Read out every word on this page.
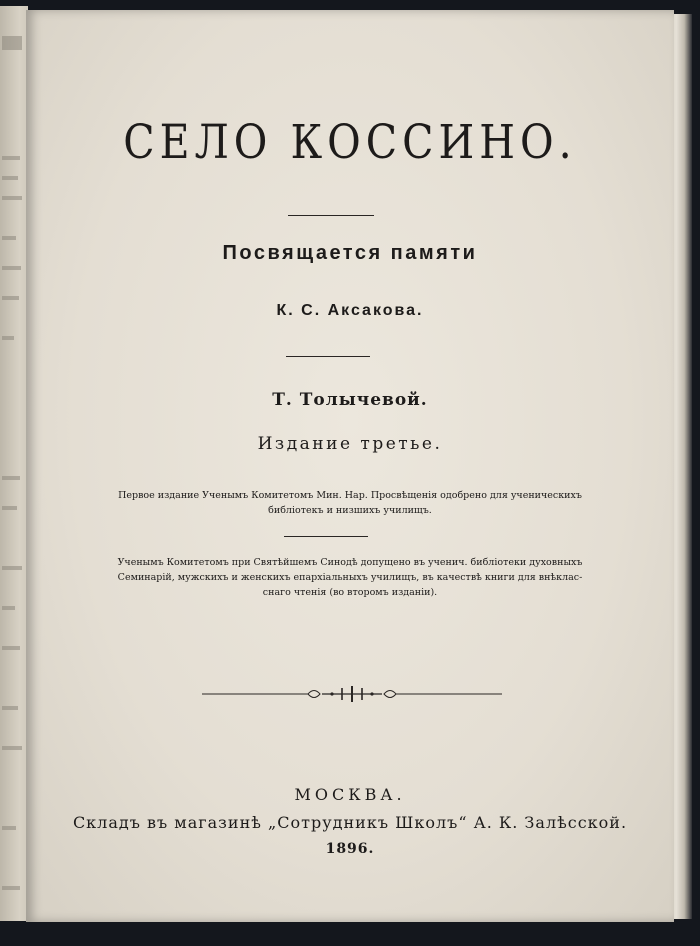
СЕЛО КОССИНО.

Посвящается памяти

К. С. Аксакова.

Т. Толычевой.

Издание третье.

Первое издание Ученымъ Комитетомъ Мин. Нар. Просвѣщенія одобрено для ученическихъ
библіотекъ и низшихъ училищъ.
Ученымъ Комитетомъ при Святѣйшемъ Синодѣ допущено въ ученич. библіотеки духовныхъ
Семинарій, мужскихъ и женскихъ епархіальныхъ училищъ, въ качествѣ книги для внѣклас-
снаго чтенія (во второмъ изданіи).

МОСКВА.

Складъ въ магазинѣ „Сотрудникъ Школъ“ А. К. Залѣсской.

1896.
